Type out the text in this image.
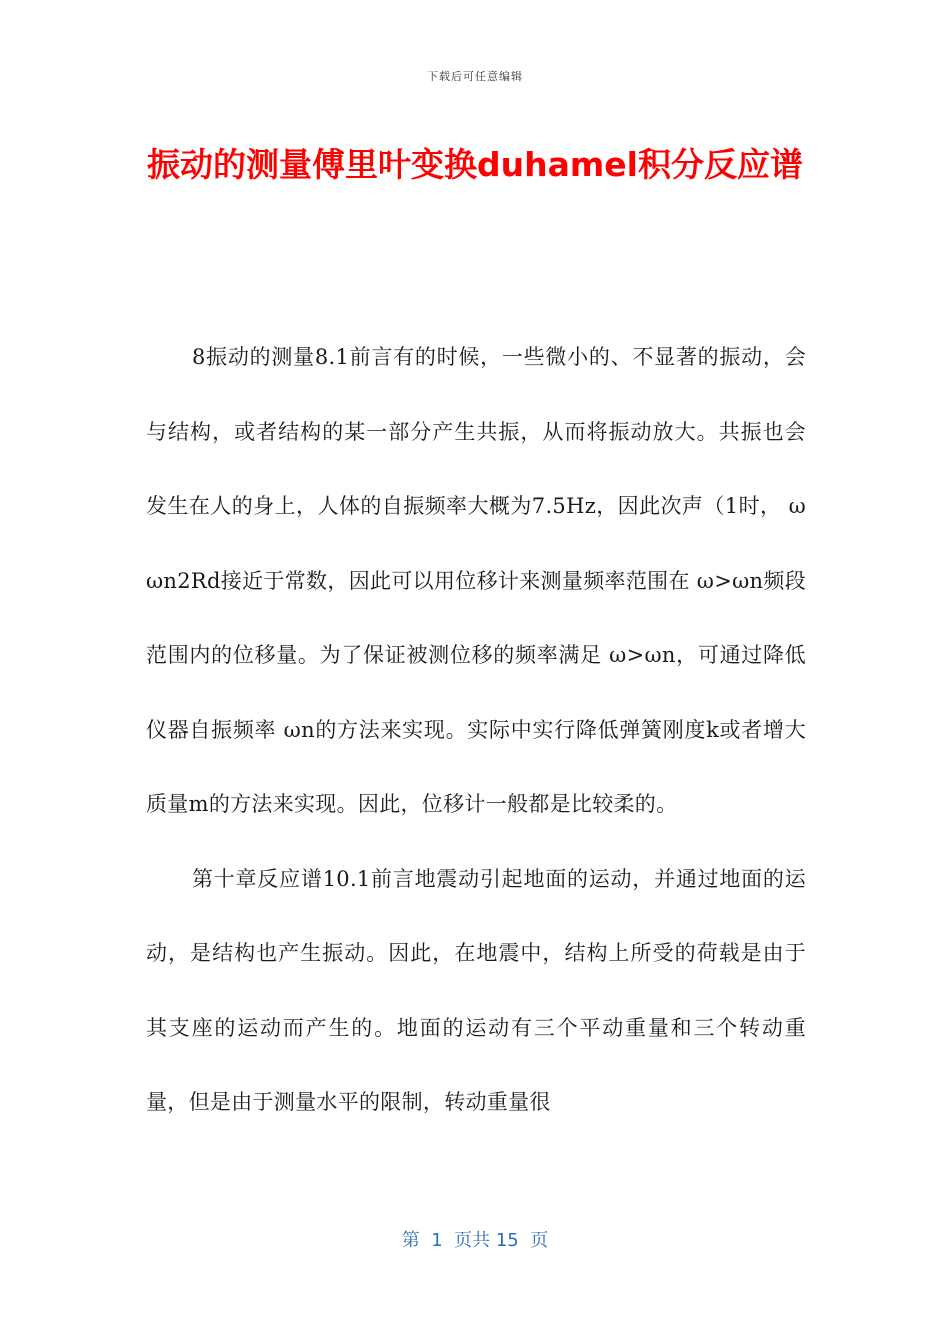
下载后可任意编辑
振动的测量傅里叶变换duhamel积分反应谱

8振动的测量8.1前言有的时候，一些微小的、不显著的振动，会与结构，或者结构的某一部分产生共振，从而将振动放大。共振也会发生在人的身上，人体的自振频率大概为7.5Hz，因此次声（1时， ω ωn2Rd接近于常数，因此可以用位移计来测量频率范围在 ω>ωn频段范围内的位移量。为了保证被测位移的频率满足 ω>ωn，可通过降低仪器自振频率 ωn的方法来实现。实际中实行降低弹簧刚度k或者增大质量m的方法来实现。因此，位移计一般都是比较柔的。

第十章反应谱10.1前言地震动引起地面的运动，并通过地面的运动，是结构也产生振动。因此，在地震中，结构上所受的荷载是由于其支座的运动而产生的。地面的运动有三个平动重量和三个转动重量，但是由于测量水平的限制，转动重量很

第  1  页共 15  页
